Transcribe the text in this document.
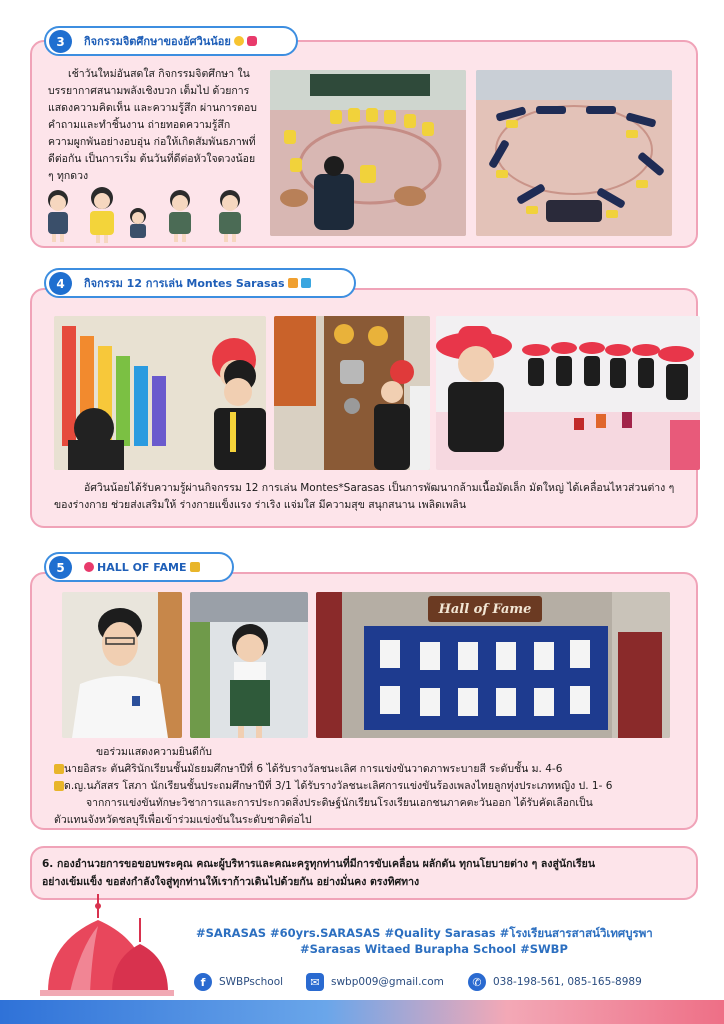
3	กิจกรรมจิตศึกษาของอัศวินน้อย
เช้าวันใหม่อันสดใส กิจกรรมจิตศึกษา ในบรรยากาศสนามพลังเชิงบวก เต็มไป ด้วยการแสดงความคิดเห็น และความรู้สึก ผ่านการตอบคำถามและทำชิ้นงาน ถ่ายทอดความรู้สึก ความผูกพันอย่างอบอุ่น ก่อให้เกิดสัมพันธภาพที่ดีต่อกัน เป็นการเริ่ม ต้นวันที่ดีต่อหัวใจดวงน้อย ๆ ทุกดวง
4	กิจกรรม 12 การเล่น Montes Sarasas
อัศวินน้อยได้รับความรู้ผ่านกิจกรรม 12 การเล่น Montes*Sarasas เป็นการพัฒนากล้ามเนื้อมัดเล็ก มัดใหญ่ ได้เคลื่อนไหวส่วนต่าง ๆ ของร่างกาย ช่วยส่งเสริมให้ ร่างกายแข็งแรง ร่าเริง แจ่มใส มีความสุข สนุกสนาน เพลิดเพลิน
5	HALL OF FAME
Hall of Fame
ขอร่วมแสดงความยินดีกับ
นายอิสระ ตันศิรินักเรียนชั้นมัธยมศึกษาปีที่ 6 ได้รับรางวัลชนะเลิศ การแข่งขันวาดภาพระบายสี ระดับชั้น ม. 4-6
ด.ญ.นภัสสร โสภา นักเรียนชั้นประถมศึกษาปีที่ 3/1 ได้รับรางวัลชนะเลิศการแข่งขันร้องเพลงไทยลูกทุ่งประเภทหญิง ป. 1- 6
จากการแข่งขันทักษะวิชาการและการประกวดสิ่งประดิษฐ์นักเรียนโรงเรียนเอกชนภาคตะวันออก ได้รับคัดเลือกเป็น
ตัวแทนจังหวัดชลบุรีเพื่อเข้าร่วมแข่งขันในระดับชาติต่อไป
6. กองอำนวยการขอขอบพระคุณ คณะผู้บริหารและคณะครูทุกท่านที่มีการขับเคลื่อน ผลักดัน ทุกนโยบายต่าง ๆ ลงสู่นักเรียน
อย่างเข้มแข็ง ขอส่งกำลังใจสู่ทุกท่านให้เราก้าวเดินไปด้วยกัน อย่างมั่นคง ตรงทิศทาง
#SARASAS #60yrs.SARASAS #Quality Sarasas #โรงเรียนสารสาสน์วิเทศบูรพา
#Sarasas Witaed Burapha School #SWBP
f	SWBPschool	✉	swbp009@gmail.com	✆	038-198-561, 085-165-8989
